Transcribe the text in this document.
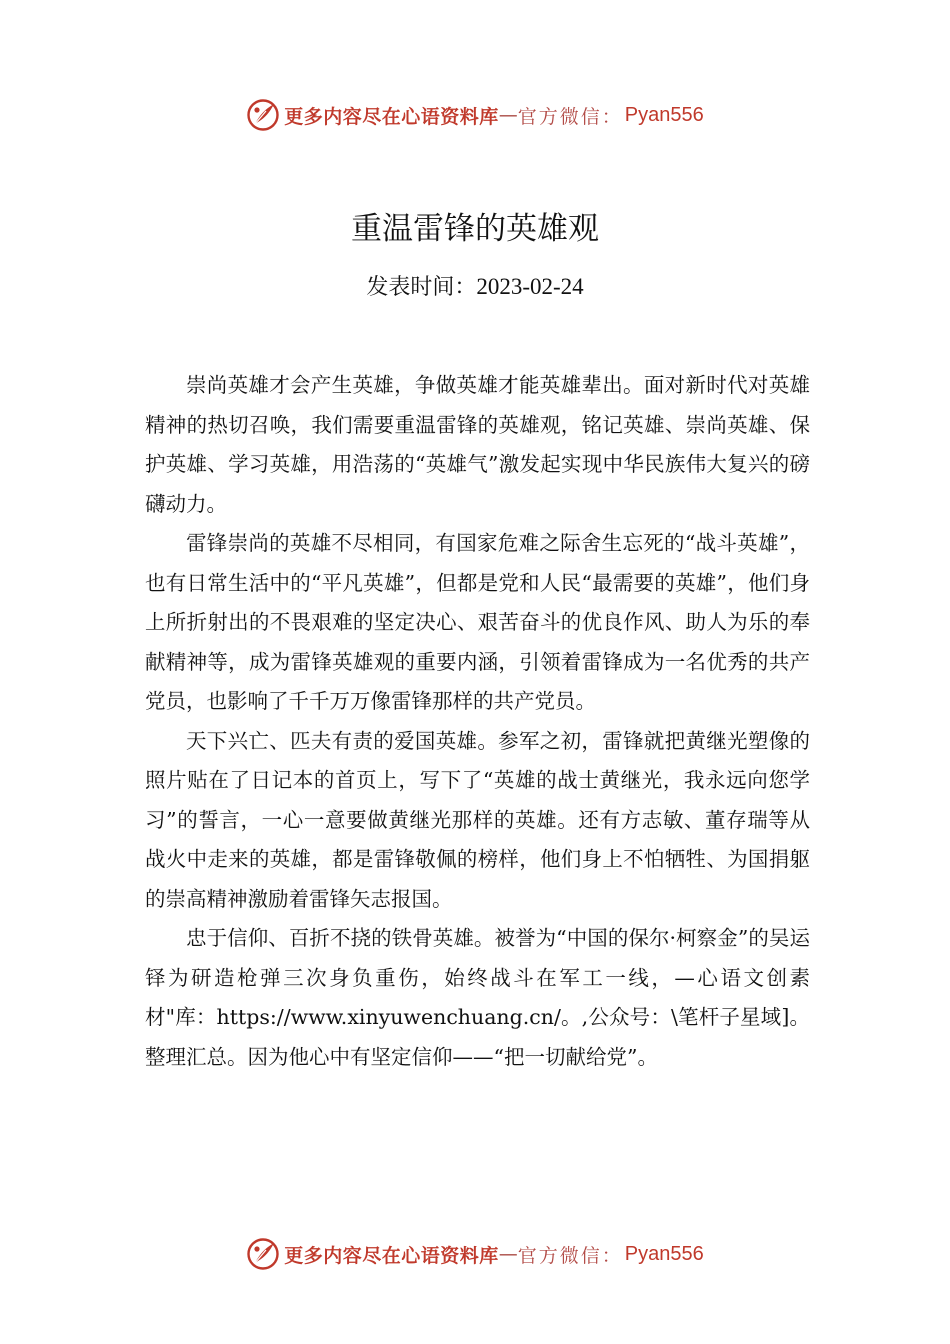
更多内容尽在心语资料库 — 官方微信： Pyan556
重温雷锋的英雄观
发表时间：2023-02-24

崇尚英雄才会产生英雄，争做英雄才能英雄辈出。面对新时代对英雄精神的热切召唤，我们需要重温雷锋的英雄观，铭记英雄、崇尚英雄、保护英雄、学习英雄，用浩荡的“英雄气”激发起实现中华民族伟大复兴的磅礴动力。

雷锋崇尚的英雄不尽相同，有国家危难之际舍生忘死的“战斗英雄”，也有日常生活中的“平凡英雄”，但都是党和人民“最需要的英雄”，他们身上所折射出的不畏艰难的坚定决心、艰苦奋斗的优良作风、助人为乐的奉献精神等，成为雷锋英雄观的重要内涵，引领着雷锋成为一名优秀的共产党员，也影响了千千万万像雷锋那样的共产党员。

天下兴亡、匹夫有责的爱国英雄。参军之初，雷锋就把黄继光塑像的照片贴在了日记本的首页上，写下了“英雄的战士黄继光，我永远向您学习”的誓言，一心一意要做黄继光那样的英雄。还有方志敏、董存瑞等从战火中走来的英雄，都是雷锋敬佩的榜样，他们身上不怕牺牲、为国捐躯的崇高精神激励着雷锋矢志报国。

忠于信仰、百折不挠的铁骨英雄。被誉为“中国的保尔·柯察金”的吴运铎为研造枪弹三次身负重伤，始终战斗在军工一线，—心语文创素材"库：https://www.xinyuwenchuang.cn/。,公众号：\笔杆子星域]。整理汇总。因为他心中有坚定信仰——“把一切献给党”。

更多内容尽在心语资料库 — 官方微信： Pyan556
